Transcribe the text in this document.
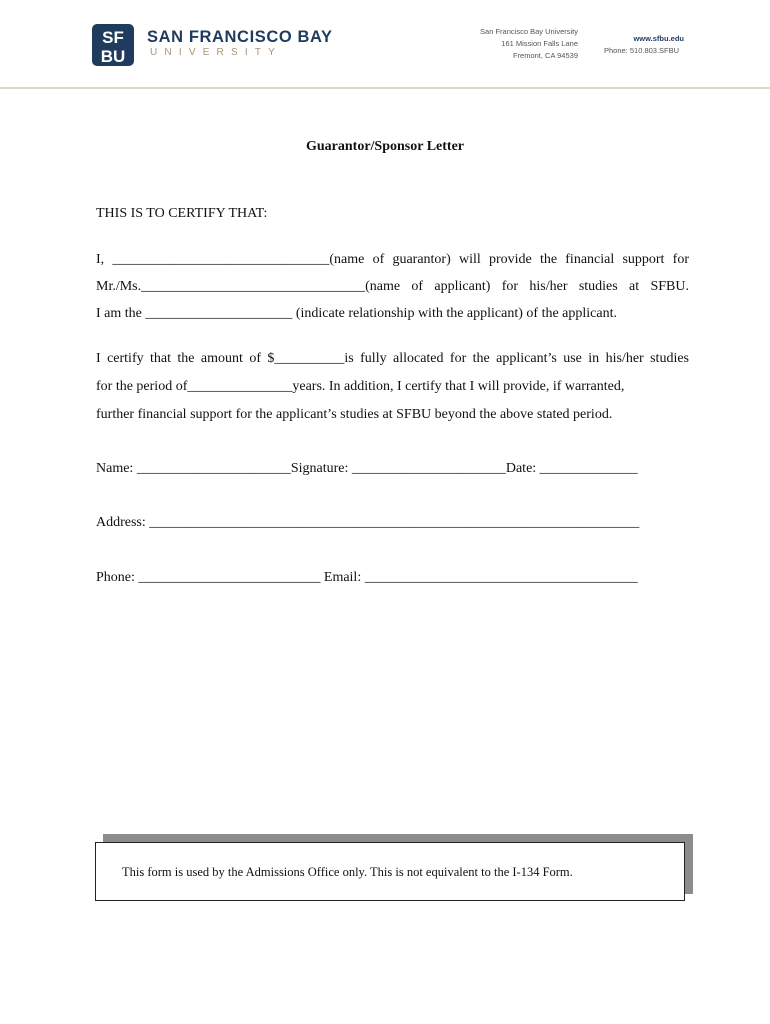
SF
BU
SAN FRANCISCO BAY
UNIVERSITY
San Francisco Bay University
161 Mission Falls Lane
Fremont, CA 94539
www.sfbu.edu
Phone: 510.803.SFBU
Guarantor/Sponsor Letter
THIS IS TO CERTIFY THAT:
I, _______________________________(name of guarantor) will provide the financial support for
Mr./Ms.________________________________(name of applicant) for his/her studies at SFBU.
I am the _____________________ (indicate relationship with the applicant) of the applicant.
I certify that the amount of $__________is fully allocated for the applicant’s use in his/her studies
for the period of_______________years. In addition, I certify that I will provide, if warranted,
further financial support for the applicant’s studies at SFBU beyond the above stated period.
Name: ______________________Signature: ______________________Date: ______________
Address: ______________________________________________________________________
Phone: __________________________ Email: _______________________________________
This form is used by the Admissions Office only. This is not equivalent to the I-134 Form.
